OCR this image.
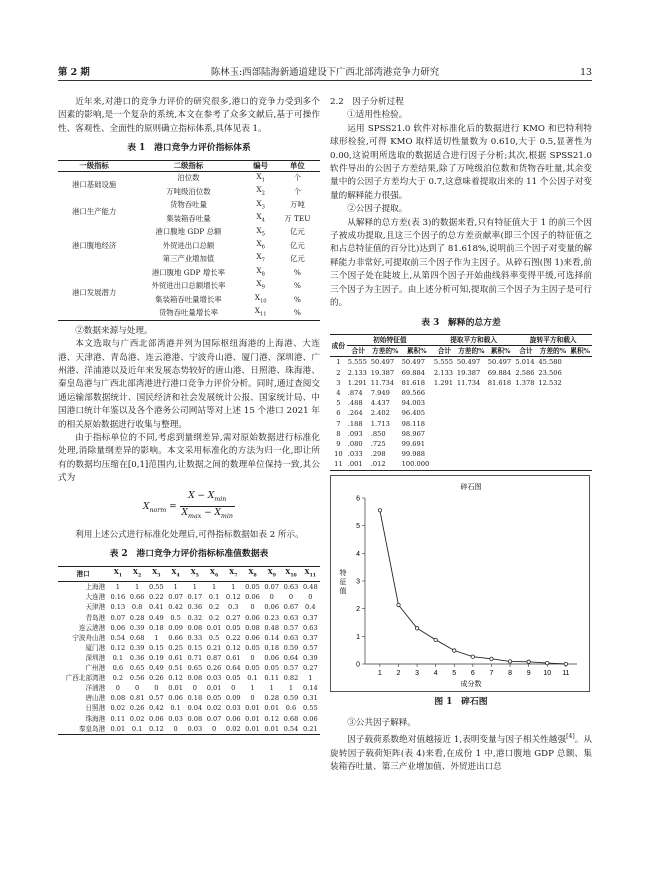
第 2 期	陈林玉:西部陆海新通道建设下广西北部湾港竞争力研究	13

近年来,对港口的竞争力评价的研究很多,港口的竞争力受到多个因素的影响,是一个复杂的系统,本文在参考了众多文献后,基于可操作性、客观性、全面性的原则确立指标体系,具体见表 1。

表 1　港口竞争力评价指标体系
一级指标	二级指标	编号	单位
港口基础设施	泊位数	$X_1$	个
	万吨级泊位数	$X_2$	个
港口生产能力	货物吞吐量	$X_3$	万吨
	集装箱吞吐量	$X_4$	万 TEU
港口腹地经济	港口腹地 GDP 总额	$X_5$	亿元
	外贸进出口总额	$X_6$	亿元
	第三产业增加值	$X_7$	亿元
港口发展潜力	港口腹地 GDP 增长率	$X_8$	%
	外贸进出口总额增长率	$X_9$	%
	集装箱吞吐量增长率	$X_{10}$	%
	货物吞吐量增长率	$X_{11}$	%

②数据来源与处理。

本文选取与广西北部湾港并列为国际枢纽海港的上海港、大连港、天津港、青岛港、连云港港、宁波舟山港、厦门港、深圳港、广州港、洋浦港以及近年来发展态势较好的唐山港、日照港、珠海港、秦皇岛港与广西北部湾港进行港口竞争力评价分析。同时,通过查阅交通运输部数据统计、国民经济和社会发展统计公报、国家统计局、中国港口统计年鉴以及各个港务公司网站等对上述 15 个港口 2021 年的相关原始数据进行收集与整理。

由于指标单位的不同,考虑到量纲差异,需对原始数据进行标准化处理,消除量纲差异的影响。本文采用标准化的方法为归一化,即让所有的数据均压缩在[0,1]范围内,让数据之间的数理单位保持一致,其公式为

$X_{norm} = \frac{X - X_{min}}{X_{max} - X_{min}}$

利用上述公式进行标准化处理后,可得指标数据如表 2 所示。

表 2　港口竞争力评价指标标准值数据表
港口	$X_1$	$X_2$	$X_3$	$X_4$	$X_5$	$X_6$	$X_7$	$X_8$	$X_9$	$X_{10}$	$X_{11}$
上海港	1	1	0.55	1	1	1	1	0.05	0.07	0.63	0.48
大连港	0.16	0.66	0.22	0.07	0.17	0.1	0.12	0.06	0	0	0
天津港	0.13	0.8	0.41	0.42	0.36	0.2	0.3	0	0.06	0.67	0.4
青岛港	0.07	0.28	0.49	0.5	0.32	0.2	0.27	0.06	0.23	0.63	0.37
连云港港	0.06	0.39	0.18	0.09	0.08	0.01	0.05	0.08	0.48	0.57	0.63
宁波舟山港	0.54	0.68	1	0.66	0.33	0.5	0.22	0.06	0.14	0.63	0.37
厦门港	0.12	0.39	0.15	0.25	0.15	0.21	0.12	0.05	0.18	0.59	0.57
深圳港	0.1	0.36	0.19	0.61	0.71	0.87	0.61	0	0.06	0.64	0.39
广州港	0.6	0.65	0.49	0.51	0.65	0.26	0.64	0.05	0.05	0.57	0.27
广西北部湾港	0.2	0.56	0.26	0.12	0.08	0.03	0.05	0.1	0.11	0.82	1
洋浦港	0	0	0	0.01	0	0.01	0	1	1	1	0.14
唐山港	0.08	0.81	0.57	0.06	0.18	0.05	0.09	0	0.28	0.59	0.31
日照港	0.02	0.26	0.42	0.1	0.04	0.02	0.03	0.01	0.01	0.6	0.55
珠海港	0.11	0.02	0.06	0.03	0.08	0.07	0.06	0.01	0.12	0.68	0.06
秦皇岛港	0.01	0.1	0.12	0	0.03	0	0.02	0.01	0.01	0.54	0.21

2.2　因子分析过程

①适用性检验。

运用 SPSS21.0 软件对标准化后的数据进行 KMO 和巴特利特球形检验,可得 KMO 取样适切性量数为 0.610,大于 0.5,显著性为 0.00,这说明所选取的数据适合进行因子分析;其次,根据 SPSS21.0 软件导出的公因子方差结果,除了万吨级泊位数和货物吞吐量,其余变量中的公因子方差均大于 0.7,这意味着提取出来的 11 个公因子对变量的解释能力很强。

②公因子提取。

从解释的总方差(表 3)的数据来看,只有特征值大于 1 的前三个因子被成功提取,且这三个因子的总方差贡献率(即三个因子的特征值之和占总特征值的百分比)达到了 81.618%,说明前三个因子对变量的解释能力非常好,可提取前三个因子作为主因子。从碎石图(图 1)来看,前三个因子处在陡坡上,从第四个因子开始曲线斜率变得平缓,可选择前三个因子为主因子。由上述分析可知,提取前三个因子为主因子是可行的。

表 3　解释的总方差
成份	初始特征值			提取平方和载入			旋转平方和载入		
	合计	方差的%	累积%	合计	方差的%	累积%	合计	方差的%	累积%
1	5.555	50.497	50.497	5.555	50.497	50.497	5.014	45.580	
2	2.133	19.387	69.884	2.133	19.387	69.884	2.586	23.506	
3	1.291	11.734	81.618	1.291	11.734	81.618	1.378	12.532	
4	.874	7.949	89.566						
5	.488	4.437	94.003						
6	.264	2.402	96.405						
7	.188	1.713	98.118						
8	.093	.850	98.967						
9	.080	.725	99.691						
10	.033	.298	99.988						
11	.001	.012	100.000						
碎石图
0
1
2
3
4
5
6
1 2 3 4 5 6 7 8 9 10 11
成分数
特
征
值
图 1　碎石图

③公共因子解释。

因子载荷系数绝对值越接近 1,表明变量与因子相关性越强[4]。从旋转因子载荷矩阵(表 4)来看,在成份 1 中,港口腹地 GDP 总额、集装箱吞吐量、第三产业增加值、外贸进出口总
